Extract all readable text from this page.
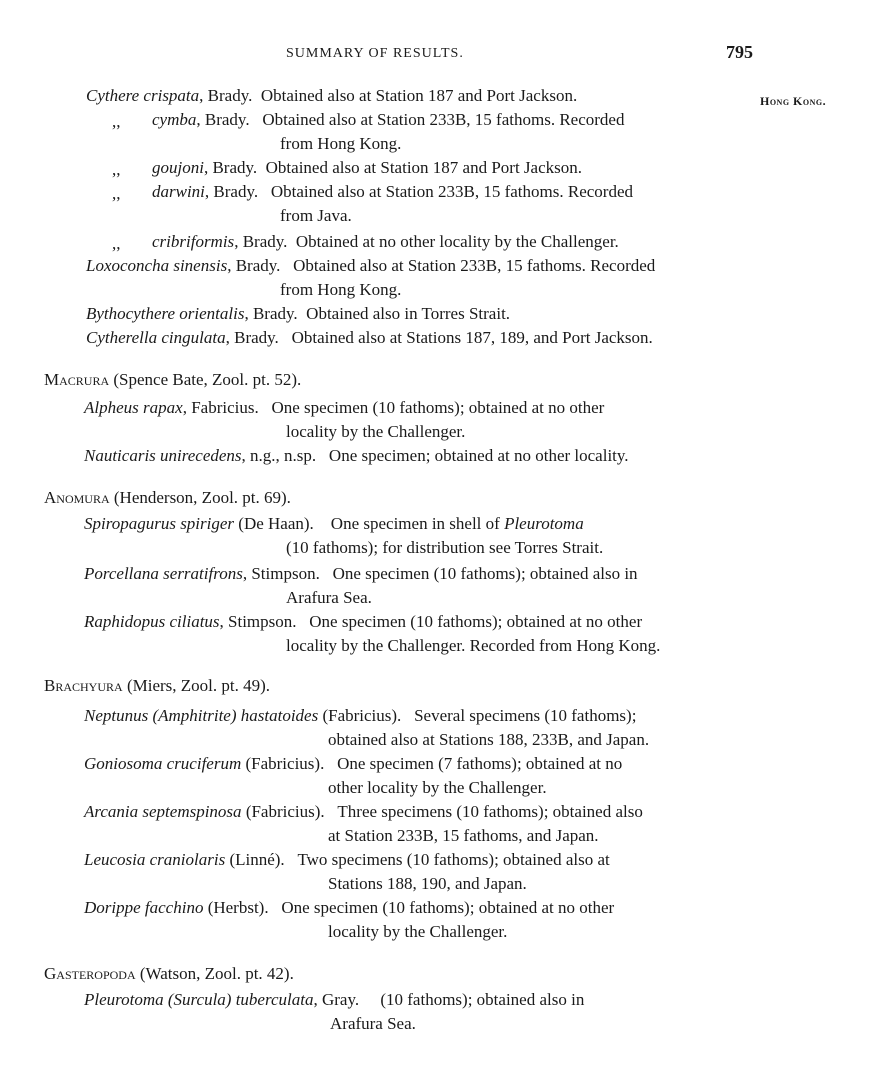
SUMMARY OF RESULTS.	795
Hong Kong.
Cythere crispata, Brady. Obtained also at Station 187 and Port Jackson.
,, cymba, Brady. Obtained also at Station 233B, 15 fathoms. Recorded
from Hong Kong.
,, goujoni, Brady. Obtained also at Station 187 and Port Jackson.
,, darwini, Brady. Obtained also at Station 233B, 15 fathoms. Recorded
from Java.
,, cribriformis, Brady. Obtained at no other locality by the Challenger.
Loxoconcha sinensis, Brady. Obtained also at Station 233B, 15 fathoms. Recorded
from Hong Kong.
Bythocythere orientalis, Brady. Obtained also in Torres Strait.
Cytherella cingulata, Brady. Obtained also at Stations 187, 189, and Port Jackson.
Macrura (Spence Bate, Zool. pt. 52).
Alpheus rapax, Fabricius. One specimen (10 fathoms); obtained at no other
locality by the Challenger.
Nauticaris unirecedens, n.g., n.sp. One specimen; obtained at no other locality.
Anomura (Henderson, Zool. pt. 69).
Spiropagurus spiriger (De Haan). One specimen in shell of Pleurotoma
(10 fathoms); for distribution see Torres Strait.
Porcellana serratifrons, Stimpson. One specimen (10 fathoms); obtained also in
Arafura Sea.
Raphidopus ciliatus, Stimpson. One specimen (10 fathoms); obtained at no other
locality by the Challenger. Recorded from Hong Kong.
Brachyura (Miers, Zool. pt. 49).
Neptunus (Amphitrite) hastatoides (Fabricius). Several specimens (10 fathoms);
obtained also at Stations 188, 233B, and Japan.
Goniosoma cruciferum (Fabricius). One specimen (7 fathoms); obtained at no
other locality by the Challenger.
Arcania septemspinosa (Fabricius). Three specimens (10 fathoms); obtained also
at Station 233B, 15 fathoms, and Japan.
Leucosia craniolaris (Linné). Two specimens (10 fathoms); obtained also at
Stations 188, 190, and Japan.
Dorippe facchino (Herbst). One specimen (10 fathoms); obtained at no other
locality by the Challenger.
Gasteropoda (Watson, Zool. pt. 42).
Pleurotoma (Surcula) tuberculata, Gray. (10 fathoms); obtained also in
Arafura Sea.
